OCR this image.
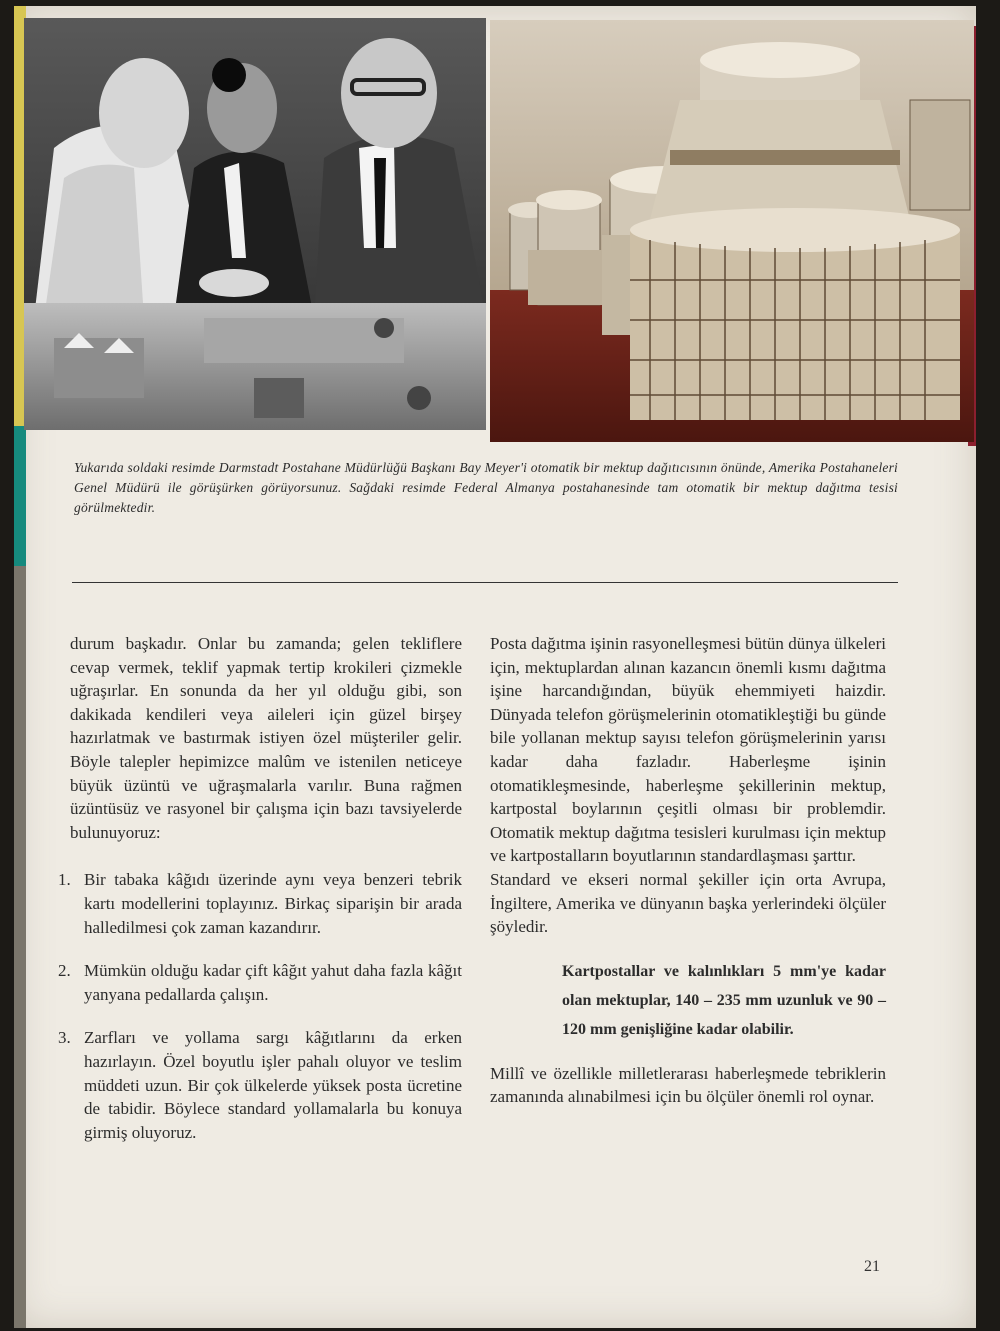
Yukarıda soldaki resimde Darmstadt Postahane Müdürlüğü Başkanı Bay Meyer'i otomatik bir mektup dağıtıcısının önünde, Amerika Postahaneleri Genel Müdürü ile görüşürken görüyorsunuz. Sağdaki resimde Federal Almanya postahanesinde tam otomatik bir mektup dağıtma tesisi görülmektedir.

durum başkadır. Onlar bu zamanda; gelen tekliflere cevap vermek, teklif yapmak tertip krokileri çizmekle uğraşırlar. En sonunda da her yıl olduğu gibi, son dakikada kendileri veya aileleri için güzel birşey hazırlatmak ve bastırmak istiyen özel müşteriler gelir. Böyle talepler hepimizce malûm ve istenilen neticeye büyük üzüntü ve uğraşmalarla varılır. Buna rağmen üzüntüsüz ve rasyonel bir çalışma için bazı tavsiyelerde bulunuyoruz:

1. Bir tabaka kâğıdı üzerinde aynı veya benzeri tebrik kartı modellerini toplayınız. Birkaç siparişin bir arada halledilmesi çok zaman kazandırır.
2. Mümkün olduğu kadar çift kâğıt yahut daha fazla kâğıt yanyana pedallarda çalışın.
3. Zarfları ve yollama sargı kâğıtlarını da erken hazırlayın. Özel boyutlu işler pahalı oluyor ve teslim müddeti uzun. Bir çok ülkelerde yüksek posta ücretine de tabidir. Böylece standard yollamalarla bu konuya girmiş oluyoruz.

Posta dağıtma işinin rasyonelleşmesi bütün dünya ülkeleri için, mektuplardan alınan kazancın önemli kısmı dağıtma işine harcandığından, büyük ehemmiyeti haizdir. Dünyada telefon görüşmelerinin otomatikleştiği bu günde bile yollanan mektup sayısı telefon görüşmelerinin yarısı kadar daha fazladır. Haberleşme işinin otomatikleşmesinde, haberleşme şekillerinin mektup, kartpostal boylarının çeşitli olması bir problemdir. Otomatik mektup dağıtma tesisleri kurulması için mektup ve kartpostalların boyutlarının standardlaşması şarttır.

Standard ve ekseri normal şekiller için orta Avrupa, İngiltere, Amerika ve dünyanın başka yerlerindeki ölçüler şöyledir.

Kartpostallar ve kalınlıkları 5 mm'ye kadar olan mektuplar, 140 – 235 mm uzunluk ve 90 – 120 mm genişliğine kadar olabilir.

Millî ve özellikle milletlerarası haberleşmede tebriklerin zamanında alınabilmesi için bu ölçüler önemli rol oynar.

21
